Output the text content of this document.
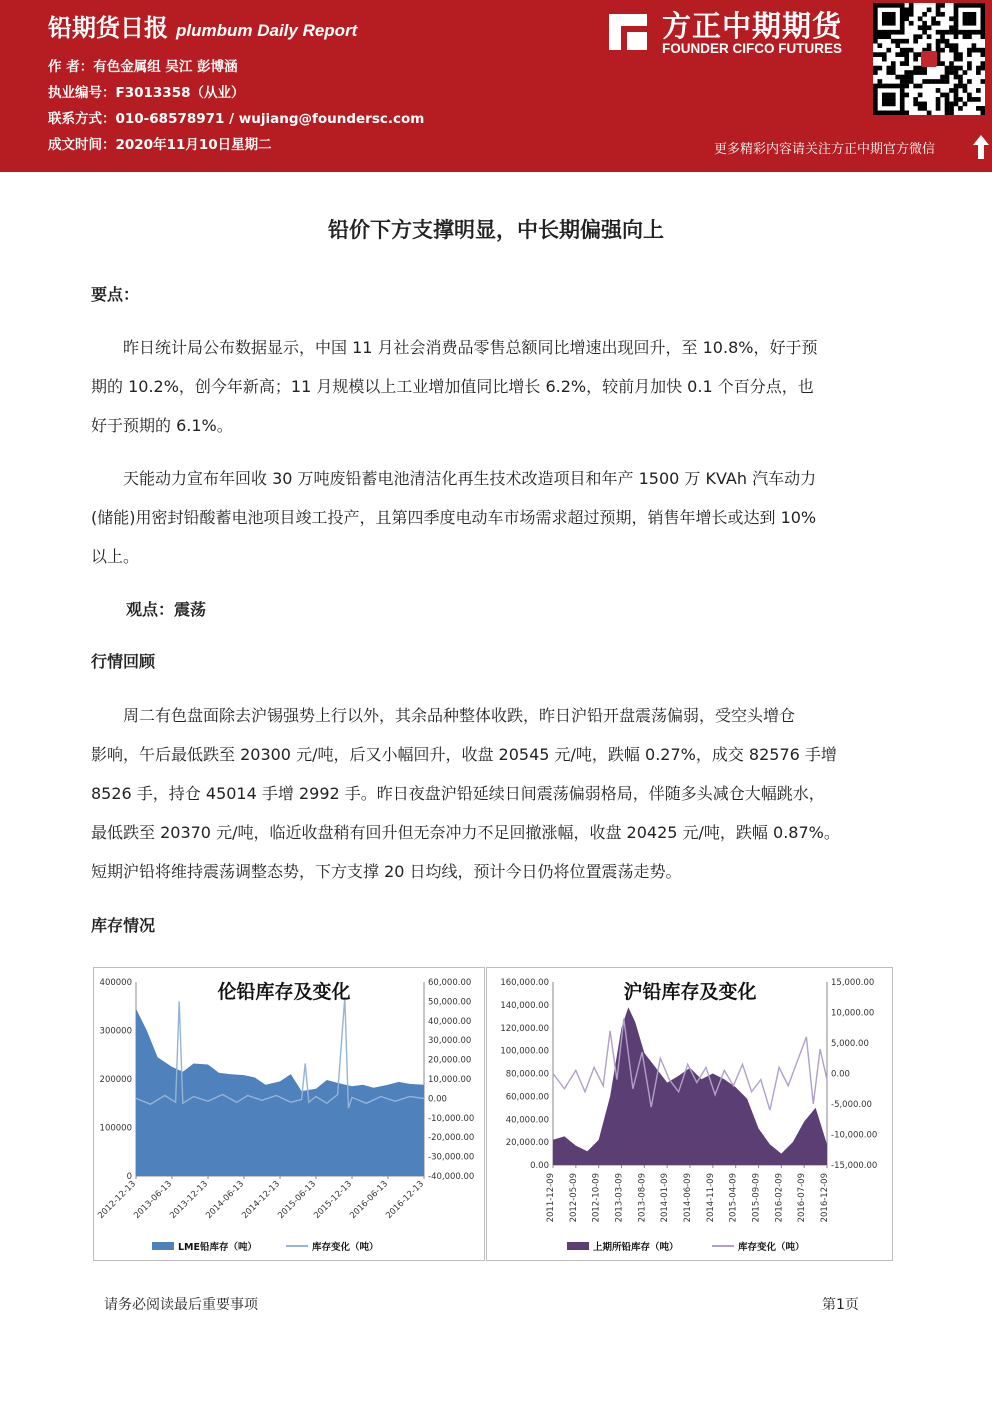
铅期货日报 plumbum Daily Report
作 者：有色金属组 吴江 彭博涵
执业编号：F3013358（从业）
联系方式：010-68578971 / wujiang@foundersc.com
成文时间：2020年11月10日星期二
方正中期期货
FOUNDER CIFCO FUTURES
更多精彩内容请关注方正中期官方微信
铅价下方支撑明显，中长期偏强向上
要点：
昨日统计局公布数据显示，中国 11 月社会消费品零售总额同比增速出现回升，至 10.8%，好于预
期的 10.2%，创今年新高；11 月规模以上工业增加值同比增长 6.2%，较前月加快 0.1 个百分点，也
好于预期的 6.1%。
天能动力宣布年回收 30 万吨废铅蓄电池清洁化再生技术改造项目和年产 1500 万 KVAh 汽车动力
(储能)用密封铅酸蓄电池项目竣工投产，且第四季度电动车市场需求超过预期，销售年增长或达到 10%
以上。
观点：震荡
行情回顾
周二有色盘面除去沪锡强势上行以外，其余品种整体收跌，昨日沪铅开盘震荡偏弱，受空头增仓
影响，午后最低跌至 20300 元/吨，后又小幅回升，收盘 20545 元/吨，跌幅 0.27%，成交 82576 手增
8526 手，持仓 45014 手增 2992 手。昨日夜盘沪铅延续日间震荡偏弱格局，伴随多头减仓大幅跳水，
最低跌至 20370 元/吨，临近收盘稍有回升但无奈冲力不足回撤涨幅，收盘 20425 元/吨，跌幅 0.87%。
短期沪铅将维持震荡调整态势，下方支撑 20 日均线，预计今日仍将位置震荡走势。
库存情况
400000
300000
200000
100000
0
60,000.00
50,000.00
40,000.00
30,000.00
20,000.00
10,000.00
0.00
-10,000.00
-20,000.00
-30,000.00
-40,000.00
2012-12-13
2013-06-13
2013-12-13
2014-06-13
2014-12-13
2015-06-13
2015-12-13
2016-06-13
2016-12-13
伦铅库存及变化
LME铅库存（吨）	库存变化（吨）
160,000.00
140,000.00
120,000.00
100,000.00
80,000.00
60,000.00
40,000.00
20,000.00
0.00
15,000.00
10,000.00
5,000.00
0.00
-5,000.00
-10,000.00
-15,000.00
2011-12-09 2012-05-09 2012-10-09 2013-03-09 2013-08-09 2014-01-09 2014-06-09 2014-11-09 2015-04-09 2015-09-09 2016-02-09 2016-07-09 2016-12-09
沪铅库存及变化
上期所铅库存（吨）	库存变化（吨）
请务必阅读最后重要事项	第1页
